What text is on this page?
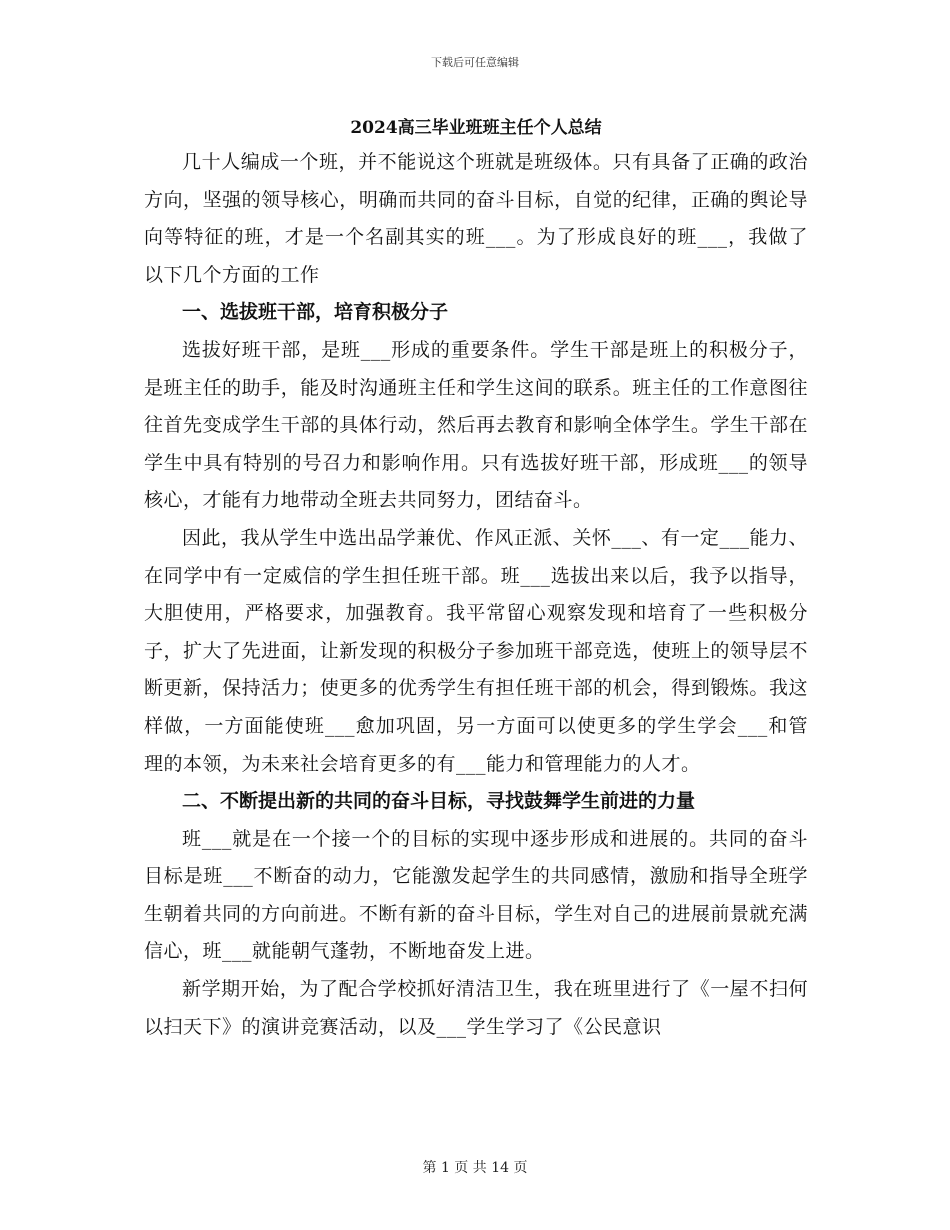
下载后可任意编辑
2024高三毕业班班主任个人总结

几十人编成一个班，并不能说这个班就是班级体。只有具备了正确的政治方向，坚强的领导核心，明确而共同的奋斗目标，自觉的纪律，正确的舆论导向等特征的班，才是一个名副其实的班___。为了形成良好的班___，我做了以下几个方面的工作

一、选拔班干部，培育积极分子

选拔好班干部，是班___形成的重要条件。学生干部是班上的积极分子，是班主任的助手，能及时沟通班主任和学生这间的联系。班主任的工作意图往往首先变成学生干部的具体行动，然后再去教育和影响全体学生。学生干部在学生中具有特别的号召力和影响作用。只有选拔好班干部，形成班___的领导核心，才能有力地带动全班去共同努力，团结奋斗。

因此，我从学生中选出品学兼优、作风正派、关怀___、有一定___能力、在同学中有一定威信的学生担任班干部。班___选拔出来以后，我予以指导，大胆使用，严格要求，加强教育。我平常留心观察发现和培育了一些积极分子，扩大了先进面，让新发现的积极分子参加班干部竞选，使班上的领导层不断更新，保持活力；使更多的优秀学生有担任班干部的机会，得到锻炼。我这样做，一方面能使班___愈加巩固，另一方面可以使更多的学生学会___和管理的本领，为未来社会培育更多的有___能力和管理能力的人才。

二、不断提出新的共同的奋斗目标，寻找鼓舞学生前进的力量

班___就是在一个接一个的目标的实现中逐步形成和进展的。共同的奋斗目标是班___不断奋的动力，它能激发起学生的共同感情，激励和指导全班学生朝着共同的方向前进。不断有新的奋斗目标，学生对自己的进展前景就充满信心，班___就能朝气蓬勃，不断地奋发上进。

新学期开始，为了配合学校抓好清洁卫生，我在班里进行了《一屋不扫何以扫天下》的演讲竞赛活动，以及___学生学习了《公民意识

第 1 页 共 14 页
